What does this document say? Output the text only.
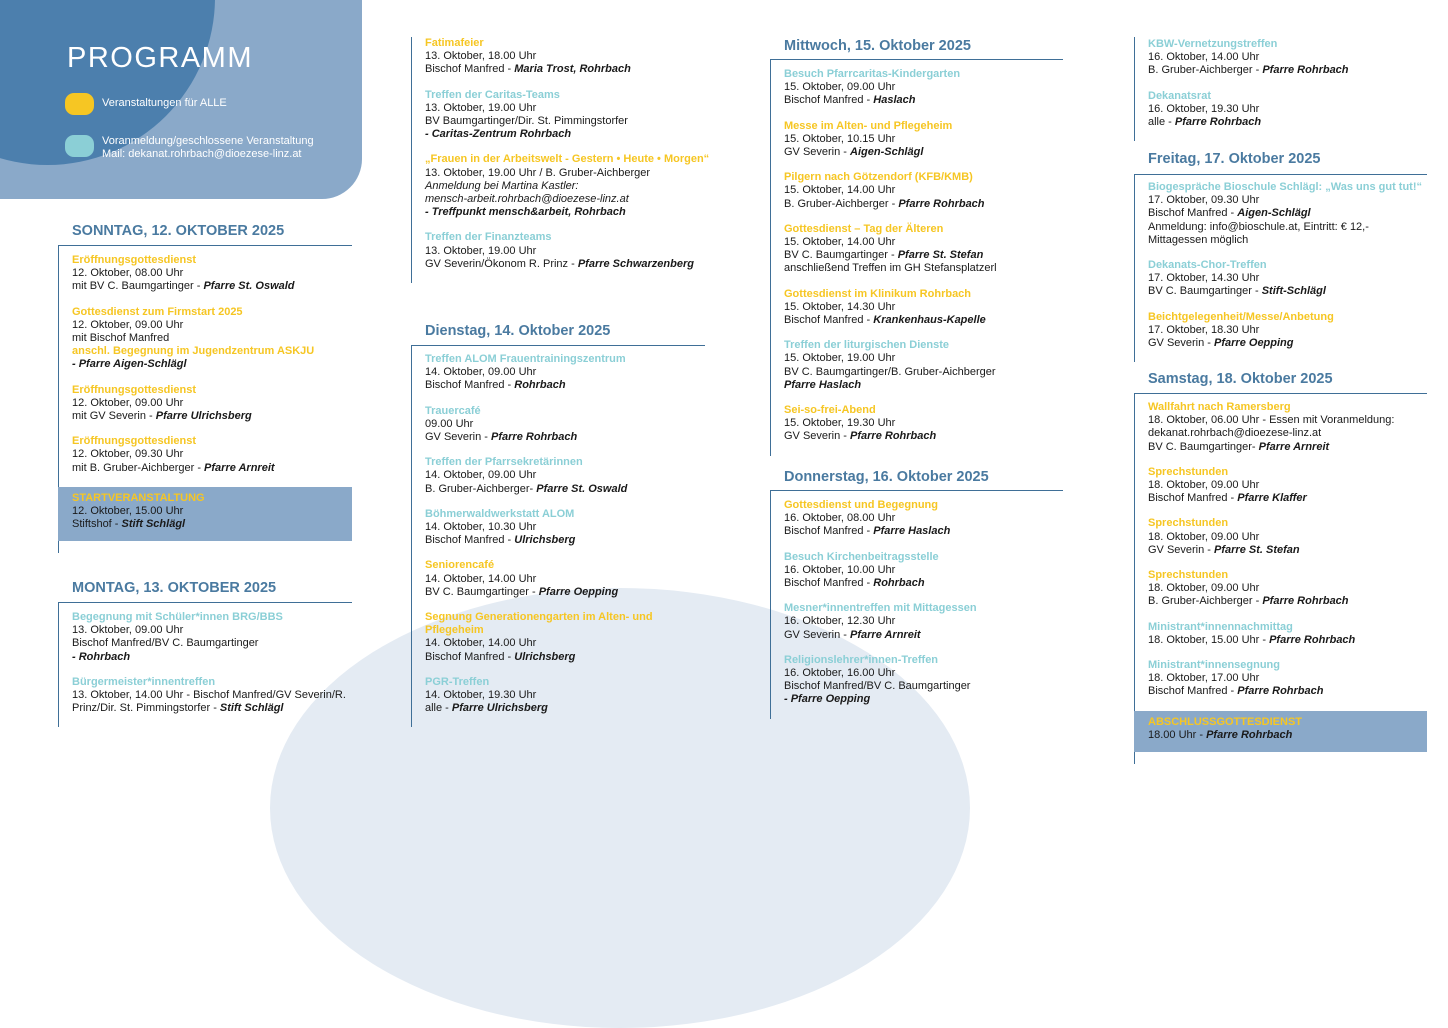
PROGRAMM
Veranstaltungen für ALLE
Voranmeldung/geschlossene Veranstaltung
Mail: dekanat.rohrbach@dioezese-linz.at
SONNTAG, 12. OKTOBER 2025
Eröffnungsgottesdienst
12. Oktober, 08.00 Uhr
mit BV C. Baumgartinger - Pfarre St. Oswald
Gottesdienst zum Firmstart 2025
12. Oktober, 09.00 Uhr
mit Bischof Manfred
anschl. Begegnung im Jugendzentrum ASKJU
- Pfarre Aigen-Schlägl
Eröffnungsgottesdienst
12. Oktober, 09.00 Uhr
mit GV Severin - Pfarre Ulrichsberg
Eröffnungsgottesdienst
12. Oktober, 09.30 Uhr
mit B. Gruber-Aichberger - Pfarre Arnreit
STARTVERANSTALTUNG
12. Oktober, 15.00 Uhr
Stiftshof - Stift Schlägl
MONTAG, 13. OKTOBER 2025
Begegnung mit Schüler*innen BRG/BBS
13. Oktober, 09.00 Uhr
Bischof Manfred/BV C. Baumgartinger
- Rohrbach
Bürgermeister*innentreffen
13. Oktober, 14.00 Uhr - Bischof Manfred/GV Severin/R.
Prinz/Dir. St. Pimmingstorfer - Stift Schlägl
Fatimafeier
13. Oktober, 18.00 Uhr
Bischof Manfred - Maria Trost, Rohrbach
Treffen der Caritas-Teams
13. Oktober, 19.00 Uhr
BV Baumgartinger/Dir. St. Pimmingstorfer
- Caritas-Zentrum Rohrbach
„Frauen in der Arbeitswelt - Gestern • Heute • Morgen“
13. Oktober, 19.00 Uhr / B. Gruber-Aichberger
Anmeldung bei Martina Kastler:
mensch-arbeit.rohrbach@dioezese-linz.at
- Treffpunkt mensch&arbeit, Rohrbach
Treffen der Finanzteams
13. Oktober, 19.00 Uhr
GV Severin/Ökonom R. Prinz - Pfarre Schwarzenberg
Dienstag, 14. Oktober 2025
Treffen ALOM Frauentrainingszentrum
14. Oktober, 09.00 Uhr
Bischof Manfred - Rohrbach
Trauercafé
09.00 Uhr
GV Severin - Pfarre Rohrbach
Treffen der Pfarrsekretärinnen
14. Oktober, 09.00 Uhr
B. Gruber-Aichberger- Pfarre St. Oswald
Böhmerwaldwerkstatt ALOM
14. Oktober, 10.30 Uhr
Bischof Manfred - Ulrichsberg
Seniorencafé
14. Oktober, 14.00 Uhr
BV C. Baumgartinger - Pfarre Oepping
Segnung Generationengarten im Alten- und Pflegeheim
14. Oktober, 14.00 Uhr
Bischof Manfred - Ulrichsberg
PGR-Treffen
14. Oktober, 19.30 Uhr
alle - Pfarre Ulrichsberg
Mittwoch, 15. Oktober 2025
Besuch Pfarrcaritas-Kindergarten
15. Oktober, 09.00 Uhr
Bischof Manfred - Haslach
Messe im Alten- und Pflegeheim
15. Oktober, 10.15 Uhr
GV Severin - Aigen-Schlägl
Pilgern nach Götzendorf (KFB/KMB)
15. Oktober, 14.00 Uhr
B. Gruber-Aichberger - Pfarre Rohrbach
Gottesdienst – Tag der Älteren
15. Oktober, 14.00 Uhr
BV C. Baumgartinger - Pfarre St. Stefan
anschließend Treffen im GH Stefansplatzerl
Gottesdienst im Klinikum Rohrbach
15. Oktober, 14.30 Uhr
Bischof Manfred - Krankenhaus-Kapelle
Treffen der liturgischen Dienste
15. Oktober, 19.00 Uhr
BV C. Baumgartinger/B. Gruber-Aichberger
Pfarre Haslach
Sei-so-frei-Abend
15. Oktober, 19.30 Uhr
GV Severin - Pfarre Rohrbach
Donnerstag, 16. Oktober 2025
Gottesdienst und Begegnung
16. Oktober, 08.00 Uhr
Bischof Manfred - Pfarre Haslach
Besuch Kirchenbeitragsstelle
16. Oktober, 10.00 Uhr
Bischof Manfred - Rohrbach
Mesner*innentreffen mit Mittagessen
16. Oktober, 12.30 Uhr
GV Severin - Pfarre Arnreit
Religionslehrer*innen-Treffen
16. Oktober, 16.00 Uhr
Bischof Manfred/BV C. Baumgartinger
- Pfarre Oepping
KBW-Vernetzungstreffen
16. Oktober, 14.00 Uhr
B. Gruber-Aichberger - Pfarre Rohrbach
Dekanatsrat
16. Oktober, 19.30 Uhr
alle - Pfarre Rohrbach
Freitag, 17. Oktober 2025
Biogespräche Bioschule Schlägl: „Was uns gut tut!“
17. Oktober, 09.30 Uhr
Bischof Manfred - Aigen-Schlägl
Anmeldung: info@bioschule.at, Eintritt: € 12,-
Mittagessen möglich
Dekanats-Chor-Treffen
17. Oktober, 14.30 Uhr
BV C. Baumgartinger - Stift-Schlägl
Beichtgelegenheit/Messe/Anbetung
17. Oktober, 18.30 Uhr
GV Severin - Pfarre Oepping
Samstag, 18. Oktober 2025
Wallfahrt nach Ramersberg
18. Oktober, 06.00 Uhr - Essen mit Voranmeldung:
dekanat.rohrbach@dioezese-linz.at
BV C. Baumgartinger- Pfarre Arnreit
Sprechstunden
18. Oktober, 09.00 Uhr
Bischof Manfred - Pfarre Klaffer
Sprechstunden
18. Oktober, 09.00 Uhr
GV Severin - Pfarre St. Stefan
Sprechstunden
18. Oktober, 09.00 Uhr
B. Gruber-Aichberger - Pfarre Rohrbach
Ministrant*innennachmittag
18. Oktober, 15.00 Uhr - Pfarre Rohrbach
Ministrant*innensegnung
18. Oktober, 17.00 Uhr
Bischof Manfred - Pfarre Rohrbach
ABSCHLUSSGOTTESDIENST
18.00 Uhr - Pfarre Rohrbach
